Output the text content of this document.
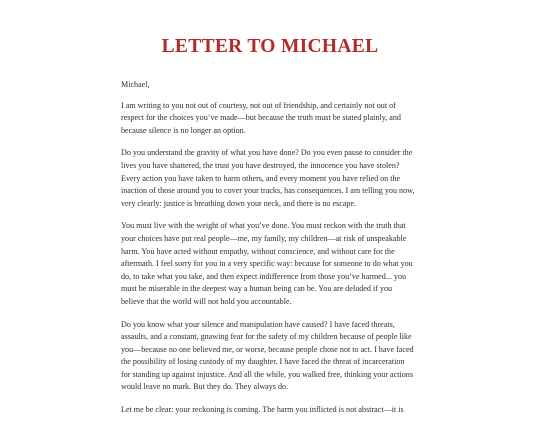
LETTER TO MICHAEL

Michael,

I am writing to you not out of courtesy, not out of friendship, and certainly not out of
respect for the choices you’ve made—but because the truth must be stated plainly, and
because silence is no longer an option.

Do you understand the gravity of what you have done? Do you even pause to consider the
lives you have shattered, the trust you have destroyed, the innocence you have stolen?
Every action you have taken to harm others, and every moment you have relied on the
inaction of those around you to cover your tracks, has consequences. I am telling you now,
very clearly: justice is breathing down your neck, and there is no escape.

You must live with the weight of what you’ve done. You must reckon with the truth that
your choices have put real people—me, my family, my children—at risk of unspeakable
harm. You have acted without empathy, without conscience, and without care for the
aftermath. I feel sorry for you in a very specific way: because for someone to do what you
do, to take what you take, and then expect indifference from those you’ve harmed... you
must be miserable in the deepest way a human being can be. You are deluded if you
believe that the world will not hold you accountable.

Do you know what your silence and manipulation have caused? I have faced threats,
assaults, and a constant, gnawing fear for the safety of my children because of people like
you—because no one believed me, or worse, because people chose not to act. I have faced
the possibility of losing custody of my daughter. I have faced the threat of incarceration
for standing up against injustice. And all the while, you walked free, thinking your actions
would leave no mark. But they do. They always do.

Let me be clear: your reckoning is coming. The harm you inflicted is not abstract—it is
